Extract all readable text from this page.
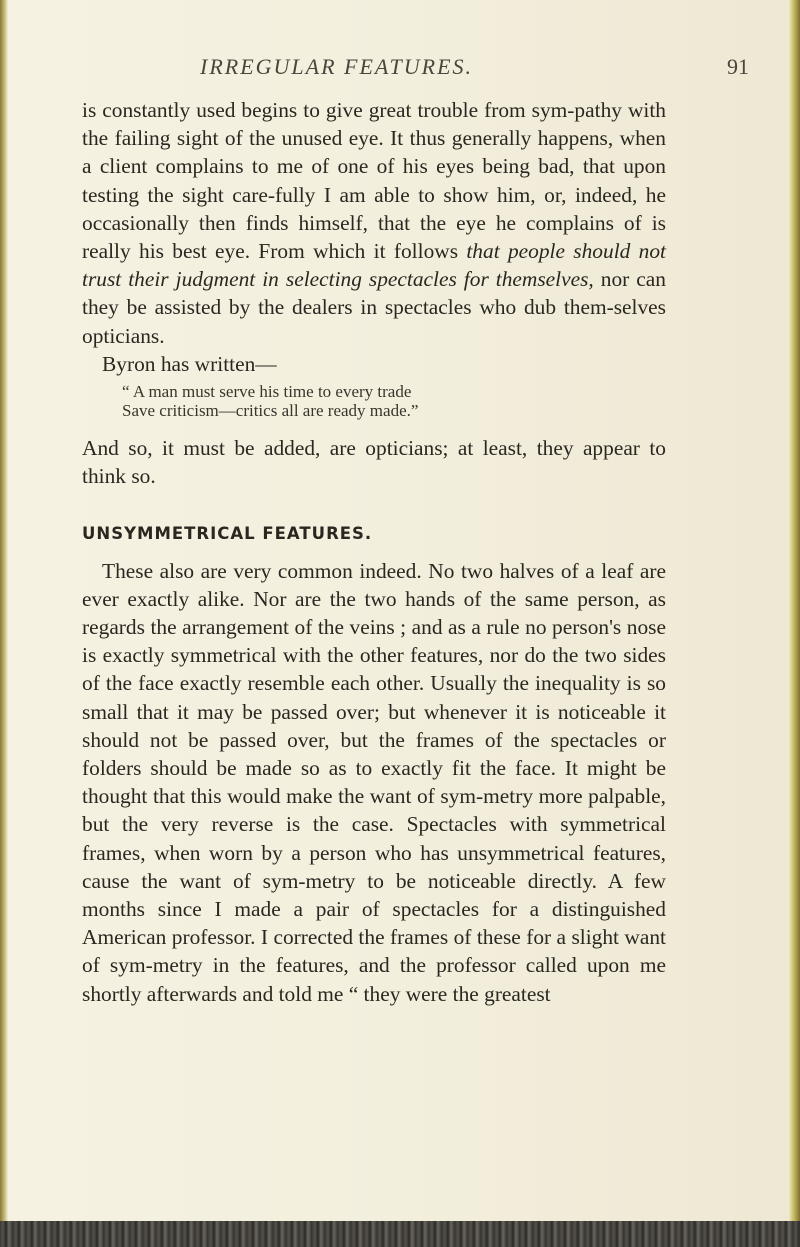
IRREGULAR FEATURES.	91

is constantly used begins to give great trouble from sym-pathy with the failing sight of the unused eye. It thus generally happens, when a client complains to me of one of his eyes being bad, that upon testing the sight care-fully I am able to show him, or, indeed, he occasionally then finds himself, that the eye he complains of is really his best eye. From which it follows that people should not trust their judgment in selecting spectacles for themselves, nor can they be assisted by the dealers in spectacles who dub them-selves opticians.

Byron has written—

“ A man must serve his time to every trade
Save criticism—critics all are ready made.”

And so, it must be added, are opticians; at least, they appear to think so.

UNSYMMETRICAL FEATURES.

These also are very common indeed. No two halves of a leaf are ever exactly alike. Nor are the two hands of the same person, as regards the arrangement of the veins ; and as a rule no person's nose is exactly symmetrical with the other features, nor do the two sides of the face exactly resemble each other. Usually the inequality is so small that it may be passed over; but whenever it is noticeable it should not be passed over, but the frames of the spectacles or folders should be made so as to exactly fit the face. It might be thought that this would make the want of sym-metry more palpable, but the very reverse is the case. Spectacles with symmetrical frames, when worn by a person who has unsymmetrical features, cause the want of sym-metry to be noticeable directly. A few months since I made a pair of spectacles for a distinguished American professor. I corrected the frames of these for a slight want of sym-metry in the features, and the professor called upon me shortly afterwards and told me “ they were the greatest
